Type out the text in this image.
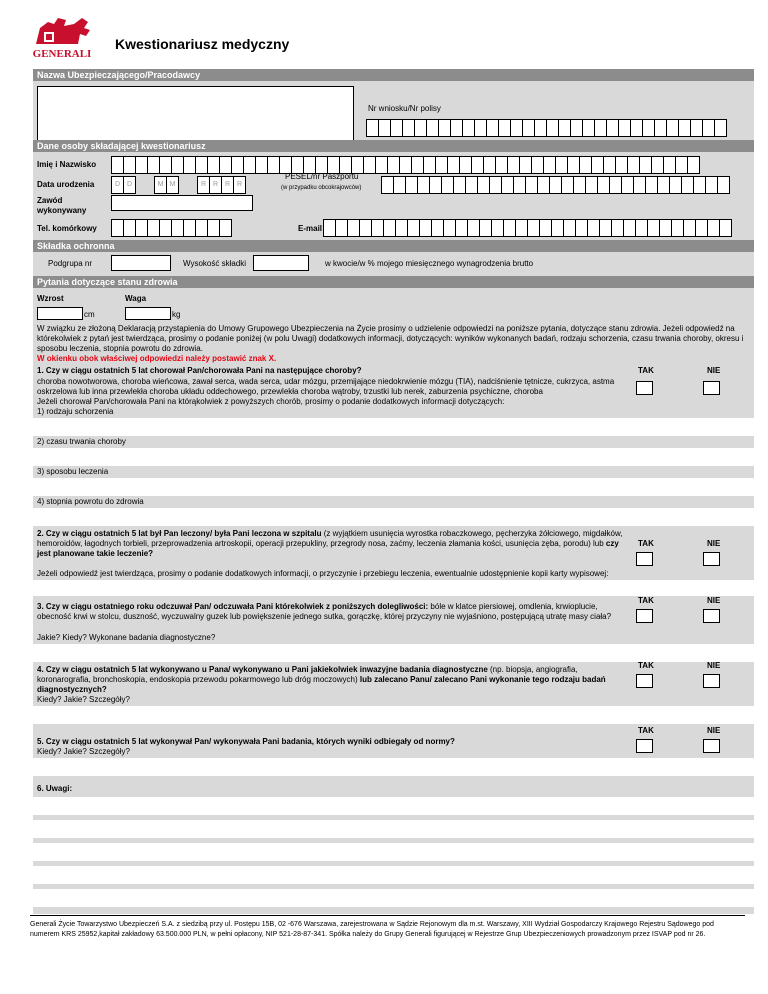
GENERALI
Kwestionariusz medyczny
Nazwa Ubezpieczającego/Pracodawcy
Nr wniosku/Nr polisy
Dane osoby składającej kwestionariusz
Imię i Nazwisko
Data urodzenia	D D	M M	R R R R
PESEL/nr Paszportu
(w przypadku obcokrajowców)
Zawód wykonywany
Tel. komórkowy	E-mail
Składka ochronna
Podgrupa nr	Wysokość składki	w kwocie/w % mojego miesięcznego wynagrodzenia brutto
Pytania dotyczące stanu zdrowia
Wzrost
cm
Waga
kg
W związku ze złożoną Deklaracją przystąpienia do Umowy Grupowego Ubezpieczenia na Życie prosimy o udzielenie odpowiedzi na poniższe pytania, dotyczące stanu zdrowia. Jeżeli odpowiedź na którekolwiek z pytań jest twierdząca, prosimy o podanie poniżej (w polu Uwagi) dodatkowych informacji, dotyczących: wyników wykonanych badań, rodzaju schorzenia, czasu trwania choroby, okresu i sposobu leczenia, stopnia powrotu do zdrowia.
W okienku obok właściwej odpowiedzi należy postawić znak X.
1. Czy w ciągu ostatnich 5 lat chorował Pan/chorowała Pani na następujące choroby?	TAK	NIE
choroba nowotworowa, choroba wieńcowa, zawał serca, wada serca, udar mózgu, przemijające niedokrwienie mózgu (TIA), nadciśnienie tętnicze, cukrzyca, astma oskrzelowa lub inna przewlekła choroba układu oddechowego, przewlekła choroba wątroby, trzustki lub nerek, zaburzenia psychiczne, choroba
Jeżeli chorował Pan/chorowała Pani na którąkolwiek z powyższych chorób, prosimy o podanie dodatkowych informacji dotyczących:
1) rodzaju schorzenia
2) czasu trwania choroby
3) sposobu leczenia
4) stopnia powrotu do zdrowia
2. Czy w ciągu ostatnich 5 lat był Pan leczony/ była Pani leczona w szpitalu (z wyjątkiem usunięcia wyrostka robaczkowego, pęcherzyka żółciowego, migdałków, hemoroidów, łagodnych torbieli, przeprowadzenia artroskopii, operacji przepukliny, przegrody nosa, zaćmy, leczenia złamania kości, usunięcia zęba, porodu) lub czy jest planowane takie leczenie?
TAK	NIE
Jeżeli odpowiedź jest twierdząca, prosimy o podanie dodatkowych informacji, o przyczynie i przebiegu leczenia, ewentualnie udostępnienie kopii karty wypisowej:
3. Czy w ciągu ostatniego roku odczuwał Pan/ odczuwała Pani którekolwiek z poniższych dolegliwości: bóle w klatce piersiowej, omdlenia, krwioplucie, obecność krwi w stolcu, duszność, wyczuwalny guzek lub powiększenie jednego sutka, gorączkę, której przyczyny nie wyjaśniono, postępującą utratę masy ciała?
TAK	NIE
Jakie? Kiedy? Wykonane badania diagnostyczne?
4. Czy w ciągu ostatnich 5 lat wykonywano u Pana/ wykonywano u Pani jakiekolwiek inwazyjne badania diagnostyczne (np. biopsja, angiografia, koronarografia, bronchoskopia, endoskopia przewodu pokarmowego lub dróg moczowych) lub zalecano Panu/ zalecano Pani wykonanie tego rodzaju badań diagnostycznych?
TAK	NIE
Kiedy? Jakie? Szczegóły?
TAK	NIE
5. Czy w ciągu ostatnich 5 lat wykonywał Pan/ wykonywała Pani badania, których wyniki odbiegały od normy?
Kiedy? Jakie? Szczegóły?
6. Uwagi:
Generali Życie Towarzystwo Ubezpieczeń S.A. z siedzibą przy ul. Postępu 15B, 02 -676 Warszawa, zarejestrowana w Sądzie Rejonowym dla m.st. Warszawy, XIII Wydział Gospodarczy Krajowego Rejestru Sądowego pod numerem KRS 25952,kapitał zakładowy 63.500.000 PLN, w pełni opłacony, NIP 521-28-87-341. Spółka należy do Grupy Generali figurującej w Rejestrze Grup Ubezpieczeniowych prowadzonym przez ISVAP pod nr 26.
